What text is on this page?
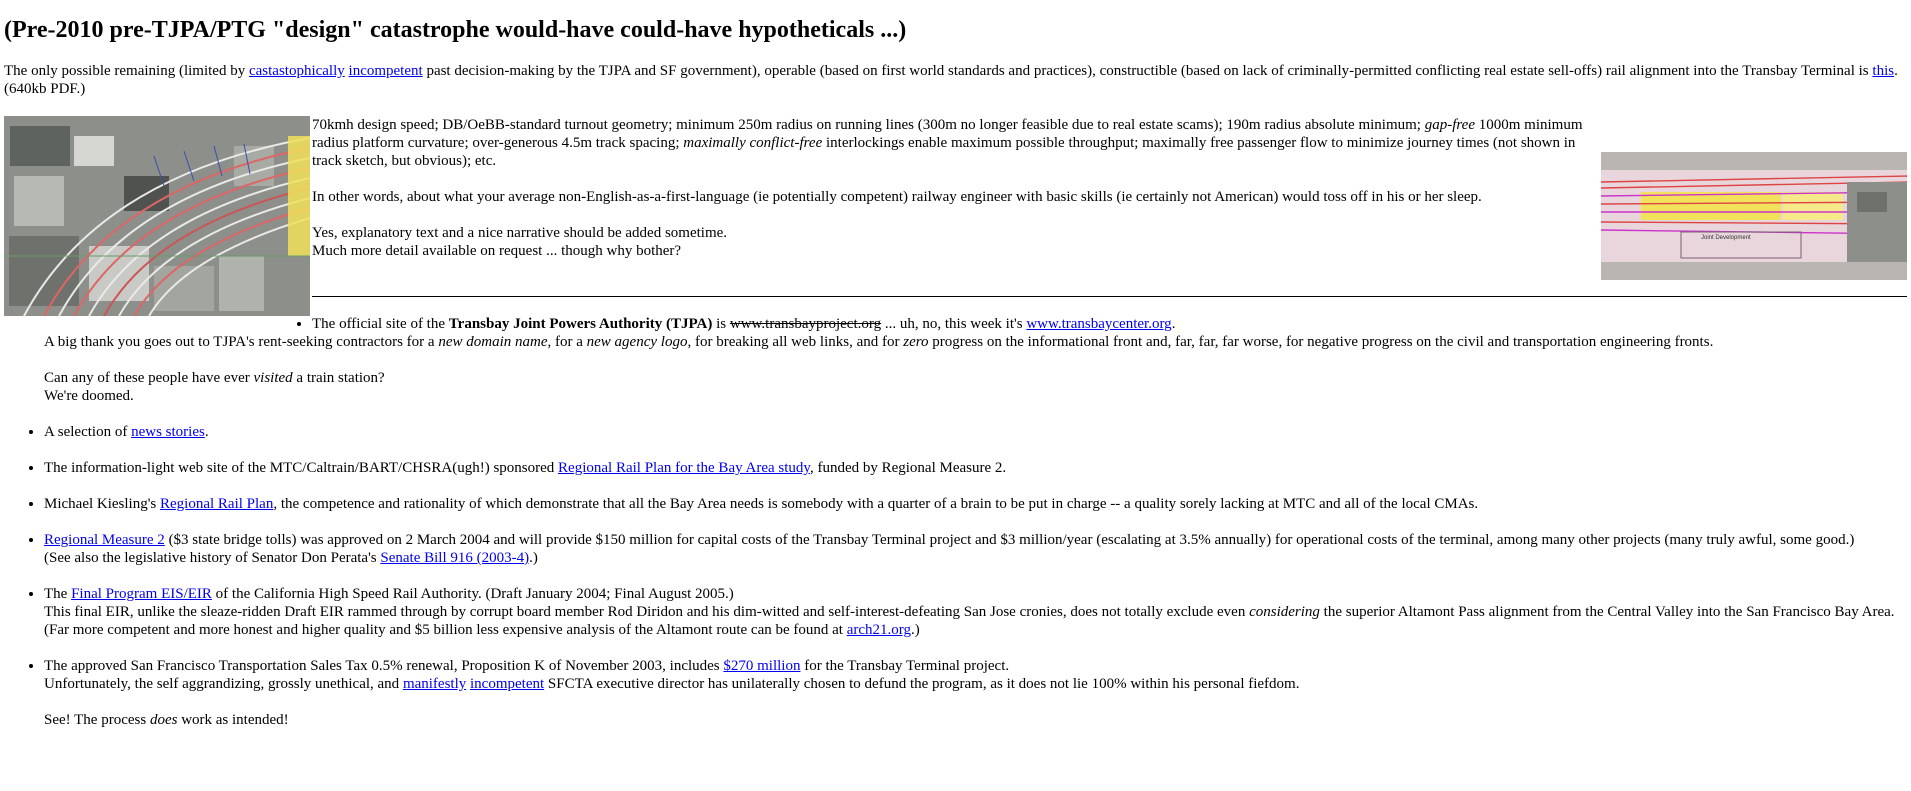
(Pre-2010 pre-TJPA/PTG "design" catastrophe would-have could-have hypotheticals ...)

The only possible remaining (limited by castastophically incompetent past decision-making by the TJPA and SF government), operable (based on first world standards and practices), constructible (based on lack of criminally-permitted conflicting real estate sell-offs) rail alignment into the Transbay Terminal is this. (640kb PDF.)

Joint Development

70kmh design speed; DB/OeBB-standard turnout geometry; minimum 250m radius on running lines (300m no longer feasible due to real estate scams); 190m radius absolute minimum; gap-free 1000m minimum radius platform curvature; over-generous 4.5m track spacing; maximally conflict-free interlockings enable maximum possible throughput; maximally free passenger flow to minimize journey times (not shown in track sketch, but obvious); etc.

In other words, about what your average non-English-as-a-first-language (ie potentially competent) railway engineer with basic skills (ie certainly not American) would toss off in his or her sleep.

Yes, explanatory text and a nice narrative should be added sometime.
Much more detail available on request ... though why bother?

• The official site of the Transbay Joint Powers Authority (TJPA) is www.transbayproject.org ... uh, no, this week it's www.transbaycenter.org.
A big thank you goes out to TJPA's rent-seeking contractors for a new domain name, for a new agency logo, for breaking all web links, and for zero progress on the informational front and, far, far, far worse, for negative progress on the civil and transportation engineering fronts.
Can any of these people have ever visited a train station?
We're doomed.
• A selection of news stories.
• The information-light web site of the MTC/Caltrain/BART/CHSRA(ugh!) sponsored Regional Rail Plan for the Bay Area study, funded by Regional Measure 2.
• Michael Kiesling's Regional Rail Plan, the competence and rationality of which demonstrate that all the Bay Area needs is somebody with a quarter of a brain to be put in charge -- a quality sorely lacking at MTC and all of the local CMAs.
• Regional Measure 2 ($3 state bridge tolls) was approved on 2 March 2004 and will provide $150 million for capital costs of the Transbay Terminal project and $3 million/year (escalating at 3.5% annually) for operational costs of the terminal, among many other projects (many truly awful, some good.)
(See also the legislative history of Senator Don Perata's Senate Bill 916 (2003-4).)
• The Final Program EIS/EIR of the California High Speed Rail Authority. (Draft January 2004; Final August 2005.)
This final EIR, unlike the sleaze-ridden Draft EIR rammed through by corrupt board member Rod Diridon and his dim-witted and self-interest-defeating San Jose cronies, does not totally exclude even considering the superior Altamont Pass alignment from the Central Valley into the San Francisco Bay Area.
(Far more competent and more honest and higher quality and $5 billion less expensive analysis of the Altamont route can be found at arch21.org.)
• The approved San Francisco Transportation Sales Tax 0.5% renewal, Proposition K of November 2003, includes $270 million for the Transbay Terminal project.
Unfortunately, the self aggrandizing, grossly unethical, and manifestly incompetent SFCTA executive director has unilaterally chosen to defund the program, as it does not lie 100% within his personal fiefdom.
See! The process does work as intended!
